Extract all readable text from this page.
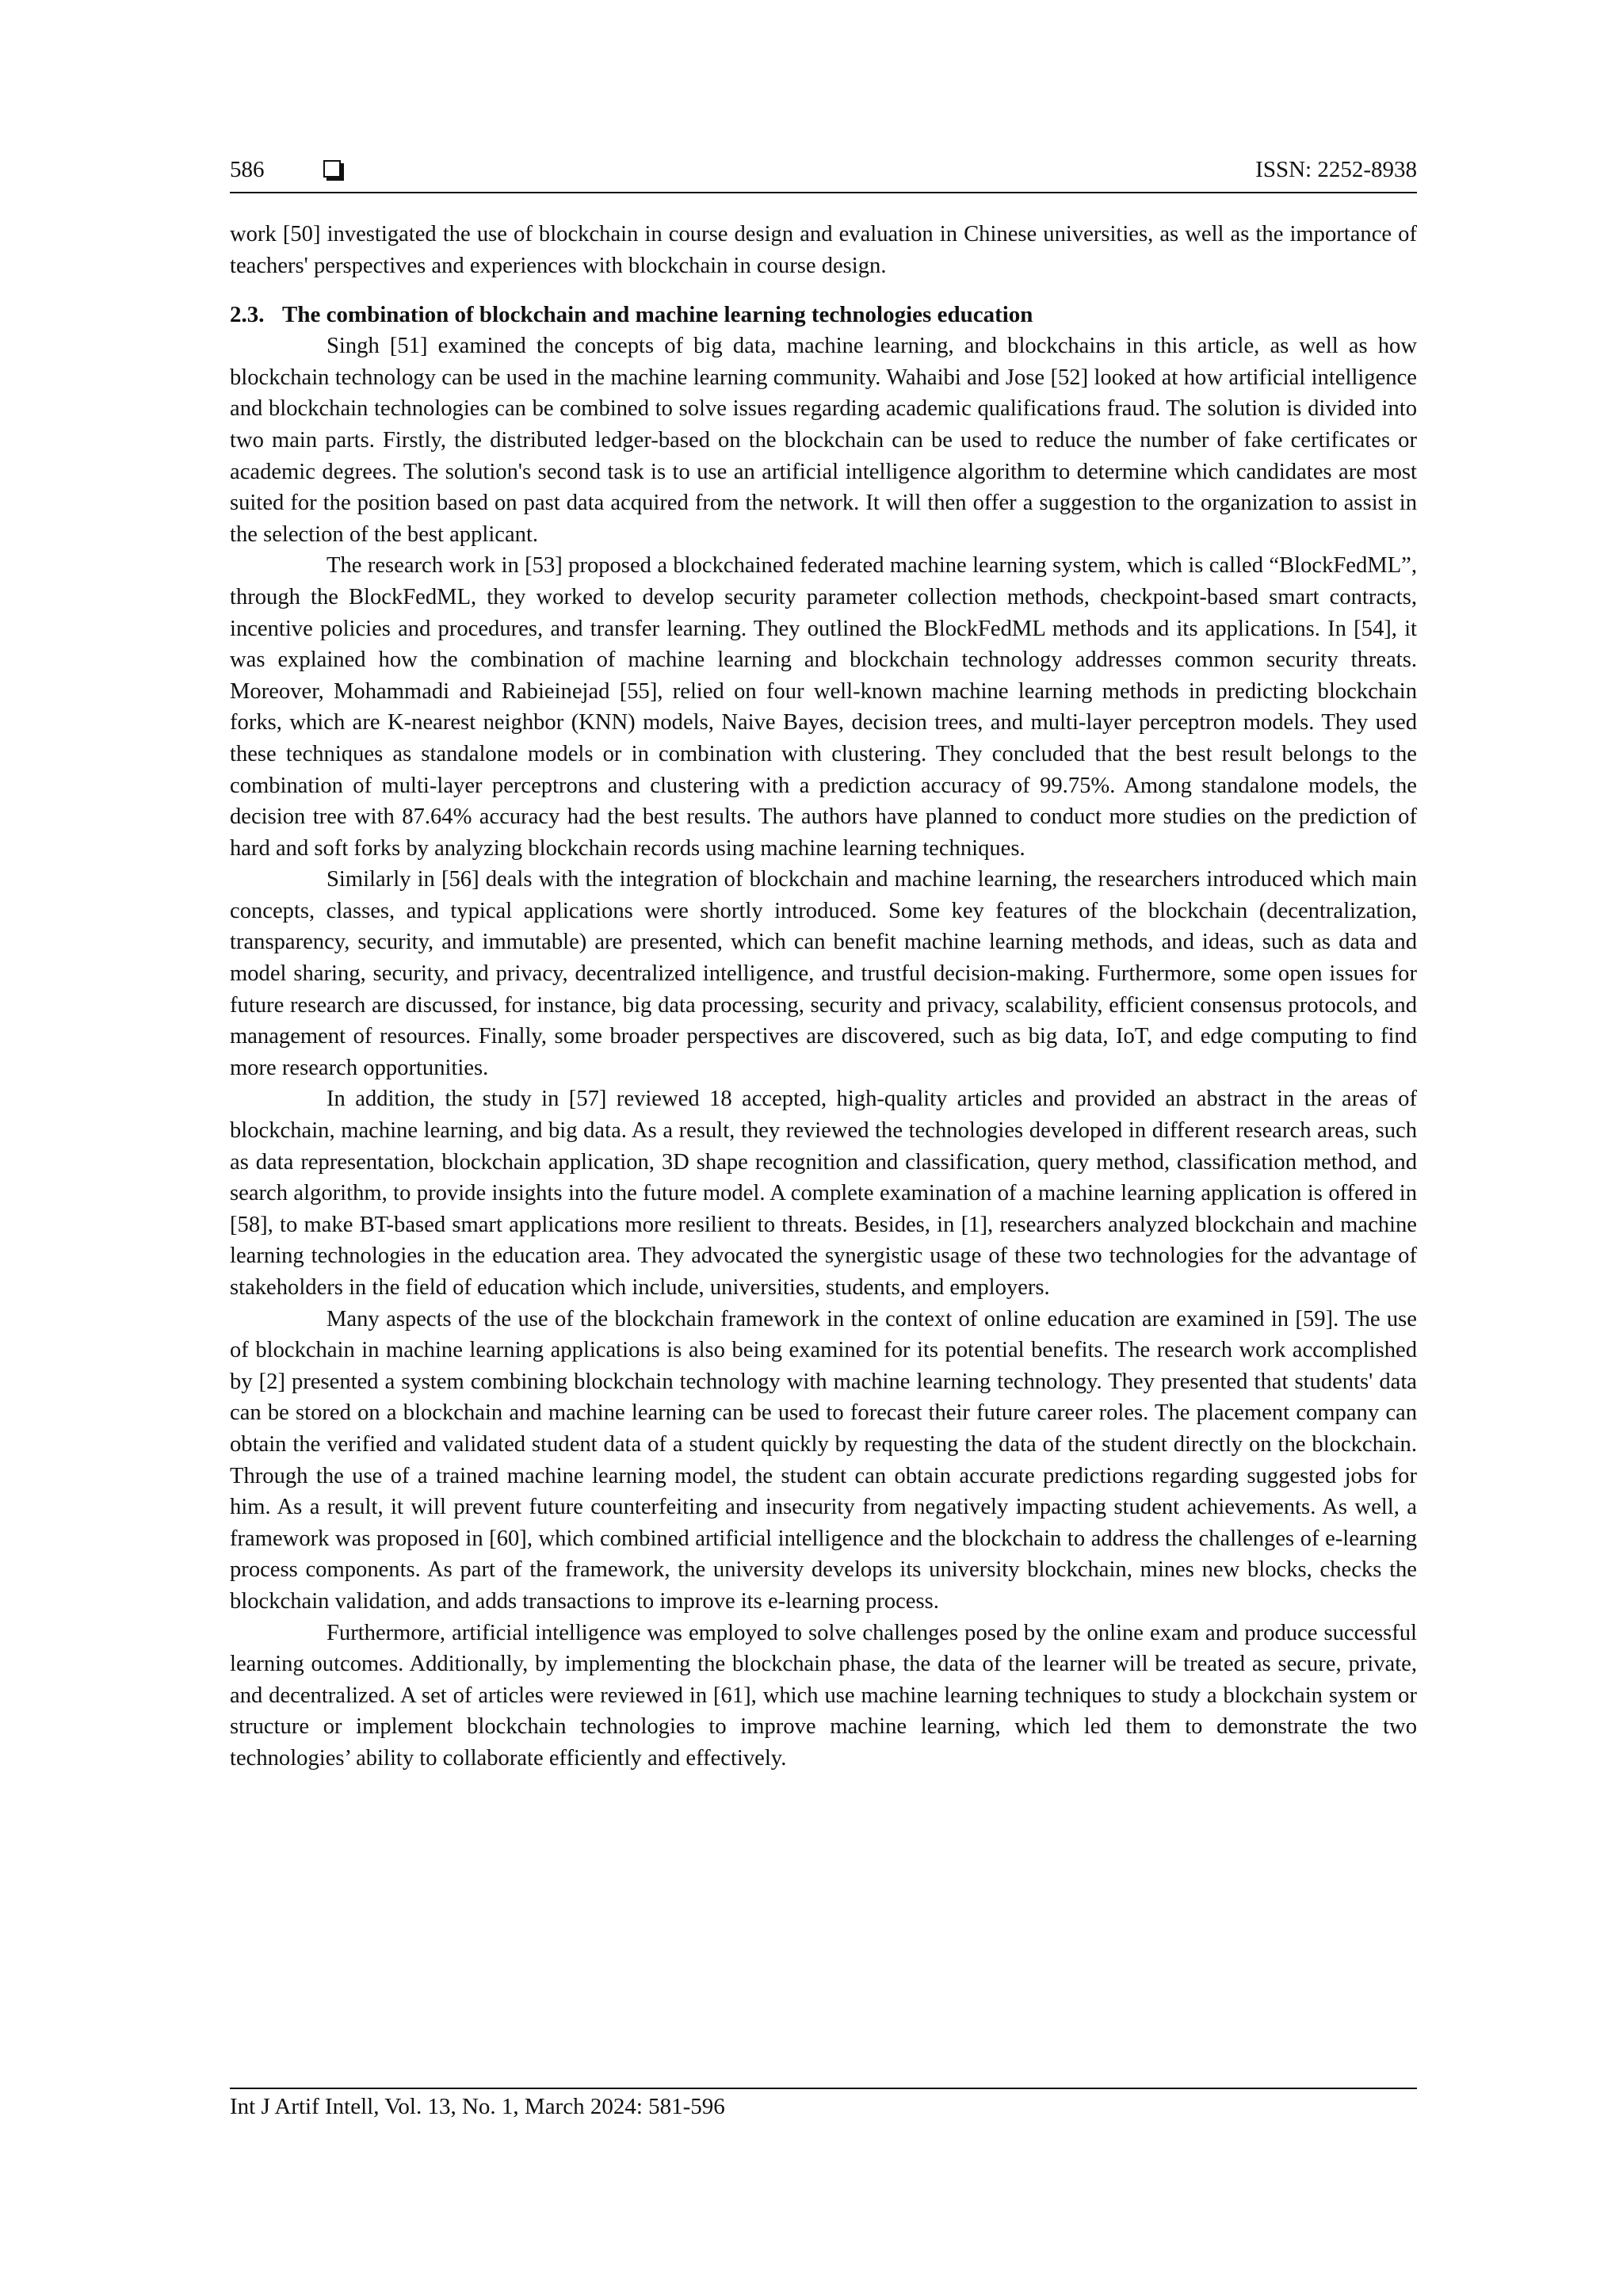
586	ISSN: 2252-8938

work [50] investigated the use of blockchain in course design and evaluation in Chinese universities, as well as the importance of teachers' perspectives and experiences with blockchain in course design.

2.3. The combination of blockchain and machine learning technologies education

Singh [51] examined the concepts of big data, machine learning, and blockchains in this article, as well as how blockchain technology can be used in the machine learning community. Wahaibi and Jose [52] looked at how artificial intelligence and blockchain technologies can be combined to solve issues regarding academic qualifications fraud. The solution is divided into two main parts. Firstly, the distributed ledger-based on the blockchain can be used to reduce the number of fake certificates or academic degrees. The solution's second task is to use an artificial intelligence algorithm to determine which candidates are most suited for the position based on past data acquired from the network. It will then offer a suggestion to the organization to assist in the selection of the best applicant.

The research work in [53] proposed a blockchained federated machine learning system, which is called “BlockFedML”, through the BlockFedML, they worked to develop security parameter collection methods, checkpoint-based smart contracts, incentive policies and procedures, and transfer learning. They outlined the BlockFedML methods and its applications. In [54], it was explained how the combination of machine learning and blockchain technology addresses common security threats. Moreover, Mohammadi and Rabieinejad [55], relied on four well-known machine learning methods in predicting blockchain forks, which are K-nearest neighbor (KNN) models, Naive Bayes, decision trees, and multi-layer perceptron models. They used these techniques as standalone models or in combination with clustering. They concluded that the best result belongs to the combination of multi-layer perceptrons and clustering with a prediction accuracy of 99.75%. Among standalone models, the decision tree with 87.64% accuracy had the best results. The authors have planned to conduct more studies on the prediction of hard and soft forks by analyzing blockchain records using machine learning techniques.

Similarly in [56] deals with the integration of blockchain and machine learning, the researchers introduced which main concepts, classes, and typical applications were shortly introduced. Some key features of the blockchain (decentralization, transparency, security, and immutable) are presented, which can benefit machine learning methods, and ideas, such as data and model sharing, security, and privacy, decentralized intelligence, and trustful decision-making. Furthermore, some open issues for future research are discussed, for instance, big data processing, security and privacy, scalability, efficient consensus protocols, and management of resources. Finally, some broader perspectives are discovered, such as big data, IoT, and edge computing to find more research opportunities.

In addition, the study in [57] reviewed 18 accepted, high-quality articles and provided an abstract in the areas of blockchain, machine learning, and big data. As a result, they reviewed the technologies developed in different research areas, such as data representation, blockchain application, 3D shape recognition and classification, query method, classification method, and search algorithm, to provide insights into the future model. A complete examination of a machine learning application is offered in [58], to make BT-based smart applications more resilient to threats. Besides, in [1], researchers analyzed blockchain and machine learning technologies in the education area. They advocated the synergistic usage of these two technologies for the advantage of stakeholders in the field of education which include, universities, students, and employers.

Many aspects of the use of the blockchain framework in the context of online education are examined in [59]. The use of blockchain in machine learning applications is also being examined for its potential benefits. The research work accomplished by [2] presented a system combining blockchain technology with machine learning technology. They presented that students' data can be stored on a blockchain and machine learning can be used to forecast their future career roles. The placement company can obtain the verified and validated student data of a student quickly by requesting the data of the student directly on the blockchain. Through the use of a trained machine learning model, the student can obtain accurate predictions regarding suggested jobs for him. As a result, it will prevent future counterfeiting and insecurity from negatively impacting student achievements. As well, a framework was proposed in [60], which combined artificial intelligence and the blockchain to address the challenges of e-learning process components. As part of the framework, the university develops its university blockchain, mines new blocks, checks the blockchain validation, and adds transactions to improve its e-learning process.

Furthermore, artificial intelligence was employed to solve challenges posed by the online exam and produce successful learning outcomes. Additionally, by implementing the blockchain phase, the data of the learner will be treated as secure, private, and decentralized. A set of articles were reviewed in [61], which use machine learning techniques to study a blockchain system or structure or implement blockchain technologies to improve machine learning, which led them to demonstrate the two technologies’ ability to collaborate efficiently and effectively.

Int J Artif Intell, Vol. 13, No. 1, March 2024: 581-596
